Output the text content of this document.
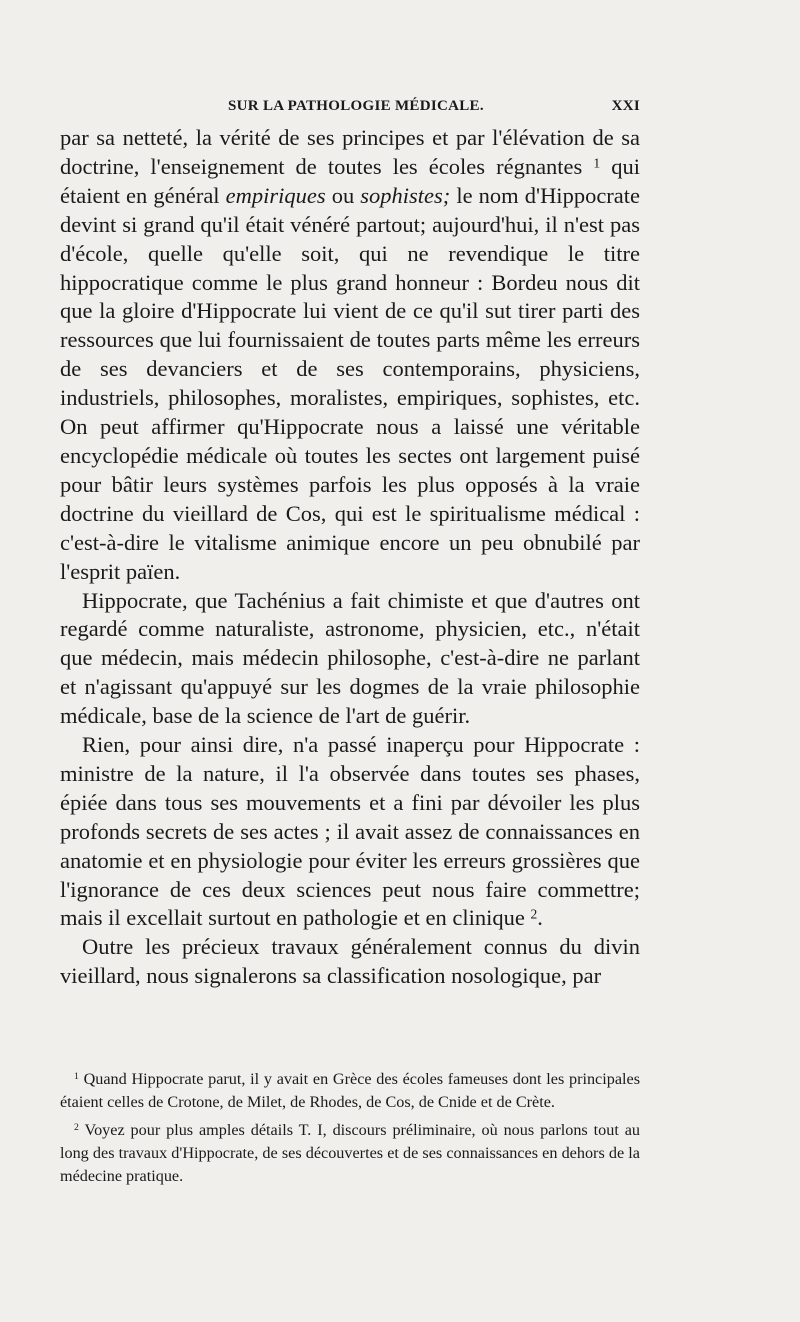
SUR LA PATHOLOGIE MÉDICALE.	XXI

par sa netteté, la vérité de ses principes et par l'élévation de sa doctrine, l'enseignement de toutes les écoles régnantes $^1$ qui étaient en général empiriques ou sophistes; le nom d'Hippocrate devint si grand qu'il était vénéré partout; aujourd'hui, il n'est pas d'école, quelle qu'elle soit, qui ne revendique le titre hippocratique comme le plus grand honneur : Bordeu nous dit que la gloire d'Hippocrate lui vient de ce qu'il sut tirer parti des ressources que lui fournissaient de toutes parts même les erreurs de ses devanciers et de ses contemporains, physiciens, industriels, philosophes, moralistes, empiriques, sophistes, etc. On peut affirmer qu'Hippocrate nous a laissé une véritable encyclopédie médicale où toutes les sectes ont largement puisé pour bâtir leurs systèmes parfois les plus opposés à la vraie doctrine du vieillard de Cos, qui est le spiritualisme médical : c'est-à-dire le vitalisme animique encore un peu obnubilé par l'esprit païen.

Hippocrate, que Tachénius a fait chimiste et que d'autres ont regardé comme naturaliste, astronome, physicien, etc., n'était que médecin, mais médecin philosophe, c'est-à-dire ne parlant et n'agissant qu'appuyé sur les dogmes de la vraie philosophie médicale, base de la science de l'art de guérir.

Rien, pour ainsi dire, n'a passé inaperçu pour Hippocrate : ministre de la nature, il l'a observée dans toutes ses phases, épiée dans tous ses mouvements et a fini par dévoiler les plus profonds secrets de ses actes ; il avait assez de connaissances en anatomie et en physiologie pour éviter les erreurs grossières que l'ignorance de ces deux sciences peut nous faire commettre; mais il excellait surtout en pathologie et en clinique $^2$.

Outre les précieux travaux généralement connus du divin vieillard, nous signalerons sa classification nosologique, par

$^1$ Quand Hippocrate parut, il y avait en Grèce des écoles fameuses dont les principales étaient celles de Crotone, de Milet, de Rhodes, de Cos, de Cnide et de Crète.

$^2$ Voyez pour plus amples détails T. I, discours préliminaire, où nous parlons tout au long des travaux d'Hippocrate, de ses découvertes et de ses connaissances en dehors de la médecine pratique.
